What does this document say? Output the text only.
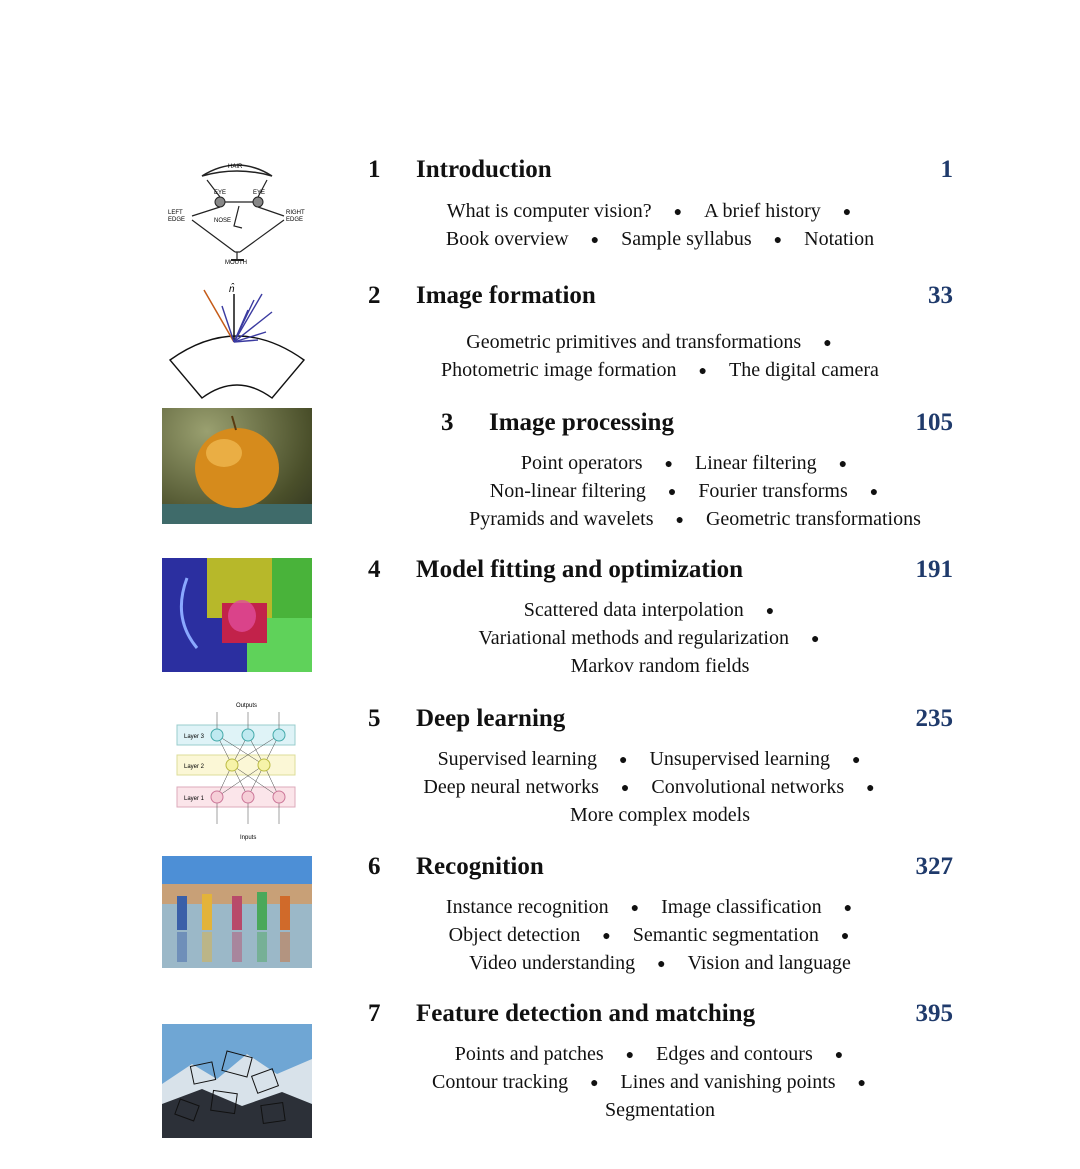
HAIR
EYE	EYE
LEFT
EDGE
RIGHT
EDGE
NOSE
MOUTH
1 Introduction	1
What is computer vision? ● A brief history ●
Book overview ● Sample syllabus ● Notation
n̂	2 Image formation	33
Geometric primitives and transformations ●
Photometric image formation ● The digital camera
3 Image processing	105
Point operators ● Linear filtering ●
Non-linear filtering ● Fourier transforms ●
Pyramids and wavelets ● Geometric transformations
4 Model fitting and optimization	191
Scattered data interpolation ●
Variational methods and regularization ●
Markov random fields
Outputs
Layer 3
Layer 2
Layer 1
Inputs
5 Deep learning	235
Supervised learning ● Unsupervised learning ●
Deep neural networks ● Convolutional networks ●
More complex models
6 Recognition	327
Instance recognition ● Image classification ●
Object detection ● Semantic segmentation ●
Video understanding ● Vision and language
7 Feature detection and matching	395
Points and patches ● Edges and contours ●
Contour tracking ● Lines and vanishing points ●
Segmentation
